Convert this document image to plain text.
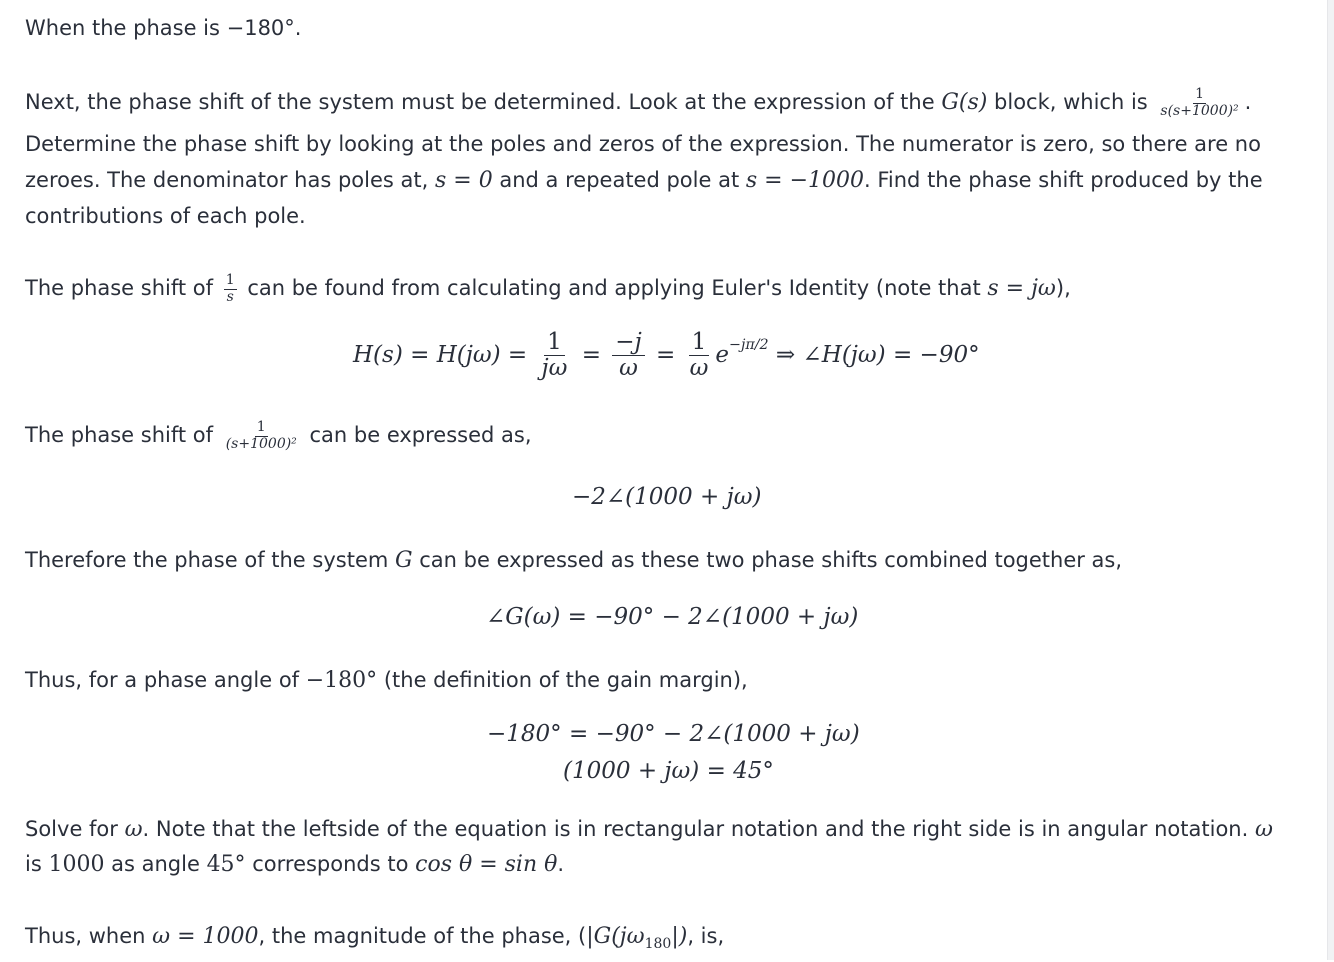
When the phase is −180°.
Next, the phase shift of the system must be determined. Look at the expression of the G(s) block, which is $\frac{1}{\text{s(s+1000)²}}$ .
Determine the phase shift by looking at the poles and zeros of the expression. The numerator is zero, so there are no
zeroes. The denominator has poles at, s = 0 and a repeated pole at s = −1000. Find the phase shift produced by the
contributions of each pole.
The phase shift of $\frac{1}{s}$ can be found from calculating and applying Euler's Identity (note that s = jω),
$H(s) = H(j\omega) = \frac{1}{j\omega} = \frac{-j}{\omega} = \frac{1}{\omega} e^{-j\pi/2}$ ⇒ ∠H(jω) = −90°
The phase shift of $\frac{1}{\text{(s+1000)²}}$ can be expressed as,
−2∠(1000 + jω)
Therefore the phase of the system G can be expressed as these two phase shifts combined together as,
∠G(ω) = −90° − 2∠(1000 + jω)
Thus, for a phase angle of −180° (the definition of the gain margin),
−180° = −90° − 2∠(1000 + jω)
(1000 + jω) = 45°
Solve for ω. Note that the leftside of the equation is in rectangular notation and the right side is in angular notation. ω
is 1000 as angle 45° corresponds to cos θ = sin θ.
Thus, when ω = 1000, the magnitude of the phase, ($|G(j\omega_{180}|)$, is,
